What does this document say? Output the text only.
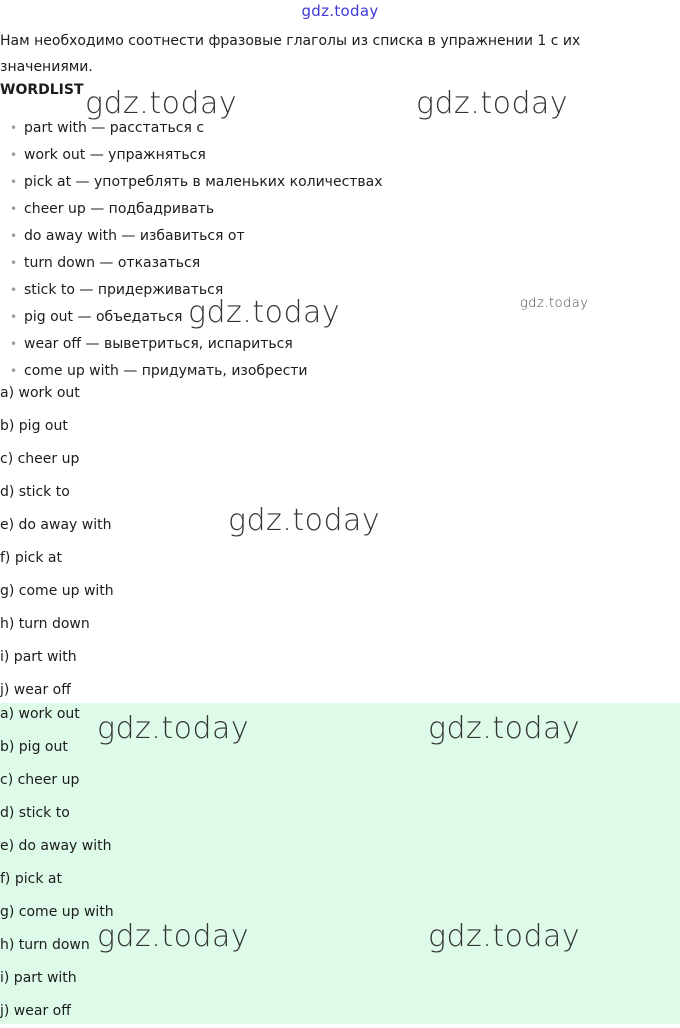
gdz.today

Нам необходимо соотнести фразовые глаголы из списка в упражнении 1 с их значениями.

WORDLIST
• part with — расстаться с
• work out — упражняться
• pick at — употреблять в маленьких количествах
• cheer up — подбадривать
• do away with — избавиться от
• turn down — отказаться
• stick to — придерживаться
• pig out — объедаться
• wear off — выветриться, испариться
• come up with — придумать, изобрести
a) work out
b) pig out
c) cheer up
d) stick to
e) do away with
f) pick at
g) come up with
h) turn down
i) part with
j) wear off
a) work out
b) pig out
c) cheer up
d) stick to
e) do away with
f) pick at
g) come up with
h) turn down
i) part with
j) wear off
gdz.today	gdz.today
gdz.today
gdz.today
gdz.today
gdz.today	gdz.today
gdz.today	gdz.today
